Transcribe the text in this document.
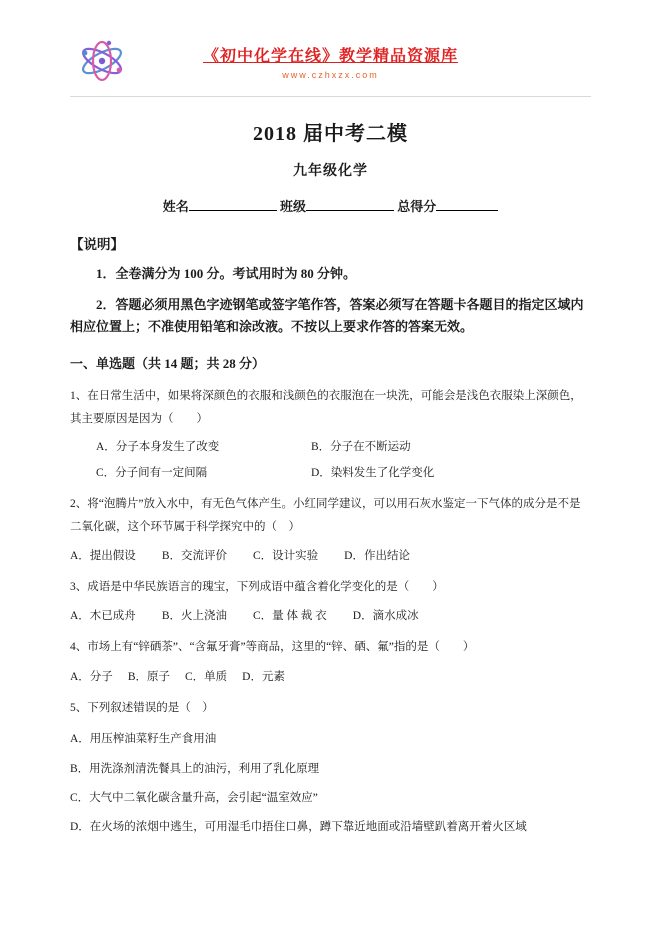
《初中化学在线》教学精品资源库
www.czhxzx.com
2018 届中考二模
九年级化学
姓名	班级	总得分
【说明】

1．全卷满分为 100 分。考试用时为 80 分钟。

2．答题必须用黑色字迹钢笔或签字笔作答，答案必须写在答题卡各题目的指定区域内相应位置上；不准使用铅笔和涂改液。不按以上要求作答的答案无效。

一、单选题（共 14 题；共 28 分）

1、在日常生活中，如果将深颜色的衣服和浅颜色的衣服泡在一块洗，可能会是浅色衣服染上深颜色，其主要原因是因为（　　）

A．分子本身发生了改变	B．分子在不断运动
C．分子间有一定间隔	D．染料发生了化学变化

2、将“泡腾片”放入水中，有无色气体产生。小红同学建议，可以用石灰水鉴定一下气体的成分是不是二氧化碳，这个环节属于科学探究中的（　）

A．提出假设 B．交流评价 C．设计实验 D．作出结论

3、成语是中华民族语言的瑰宝，下列成语中蕴含着化学变化的是（　　）

A．木已成舟 B．火上浇油 C．量 体 裁 衣 D．滴水成冰

4、市场上有“锌硒茶”、“含氟牙膏”等商品，这里的“锌、硒、氟”指的是（　　）

A．分子 B．原子 C．单质 D．元素

5、下列叙述错误的是（　）

A．用压榨油菜籽生产食用油
B．用洗涤剂清洗餐具上的油污，利用了乳化原理
C．大气中二氧化碳含量升高，会引起“温室效应”
D．在火场的浓烟中逃生，可用湿毛巾捂住口鼻，蹲下靠近地面或沿墙壁趴着离开着火区域
